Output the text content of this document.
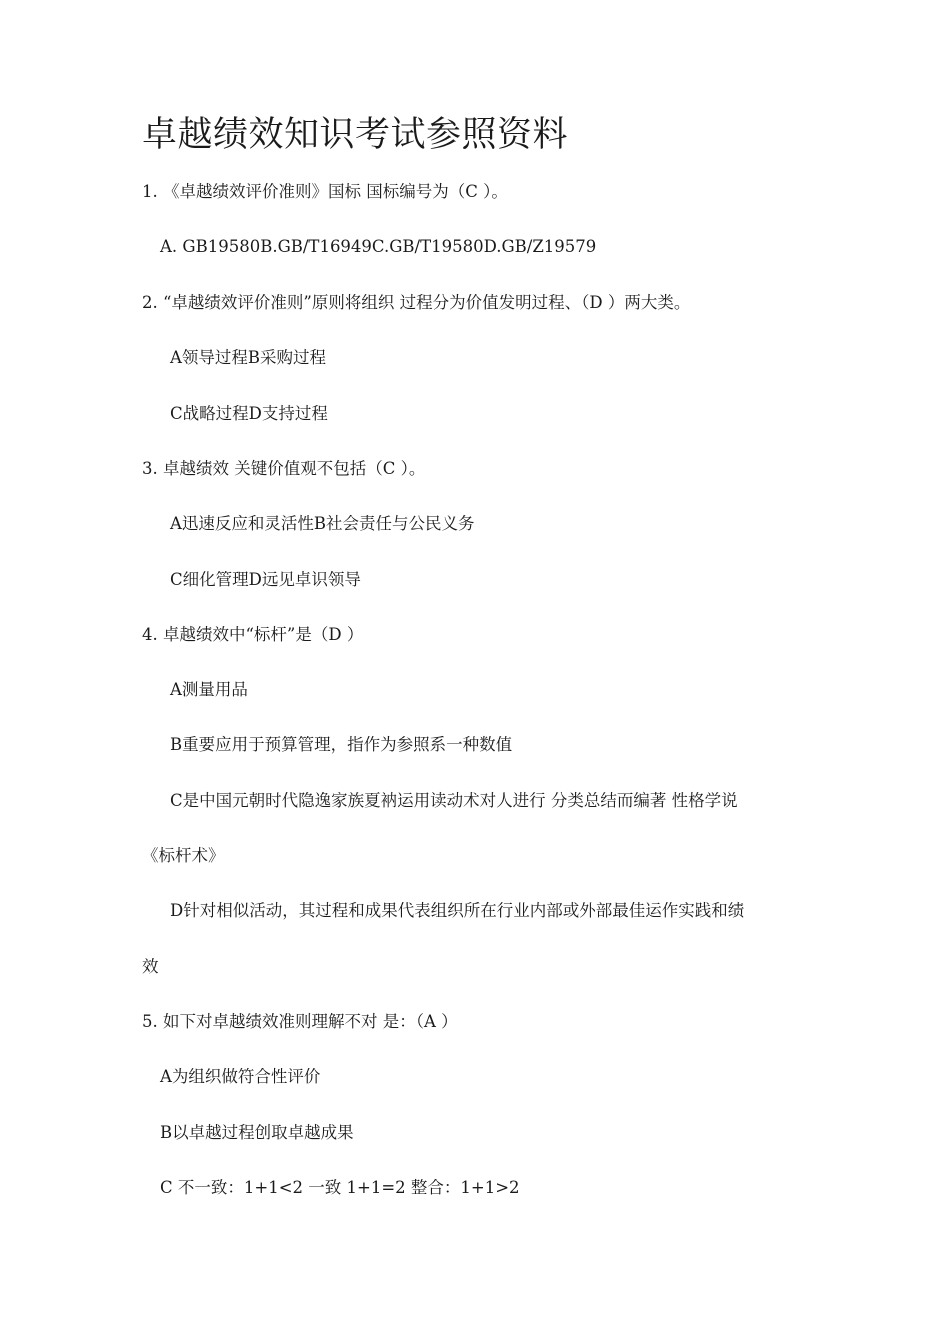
卓越绩效知识考试参照资料
1. 《卓越绩效评价准则》国标 国标编号为（C ）。
A. GB19580B.GB/T16949C.GB/T19580D.GB/Z19579
2. “卓越绩效评价准则”原则将组织 过程分为价值发明过程、（D ）两大类。
A领导过程B采购过程
C战略过程D支持过程
3. 卓越绩效 关键价值观不包括（C ）。
A迅速反应和灵活性B社会责任与公民义务
C细化管理D远见卓识领导
4. 卓越绩效中“标杆”是（D ）
A测量用品
B重要应用于预算管理，指作为参照系一种数值
C是中国元朝时代隐逸家族夏衲运用读动术对人进行 分类总结而编著 性格学说
《标杆术》
D针对相似活动，其过程和成果代表组织所在行业内部或外部最佳运作实践和绩
效
5. 如下对卓越绩效准则理解不对 是：（A ）
A为组织做符合性评价
B以卓越过程创取卓越成果
C 不一致：1+1<2 一致 1+1=2 整合：1+1>2
